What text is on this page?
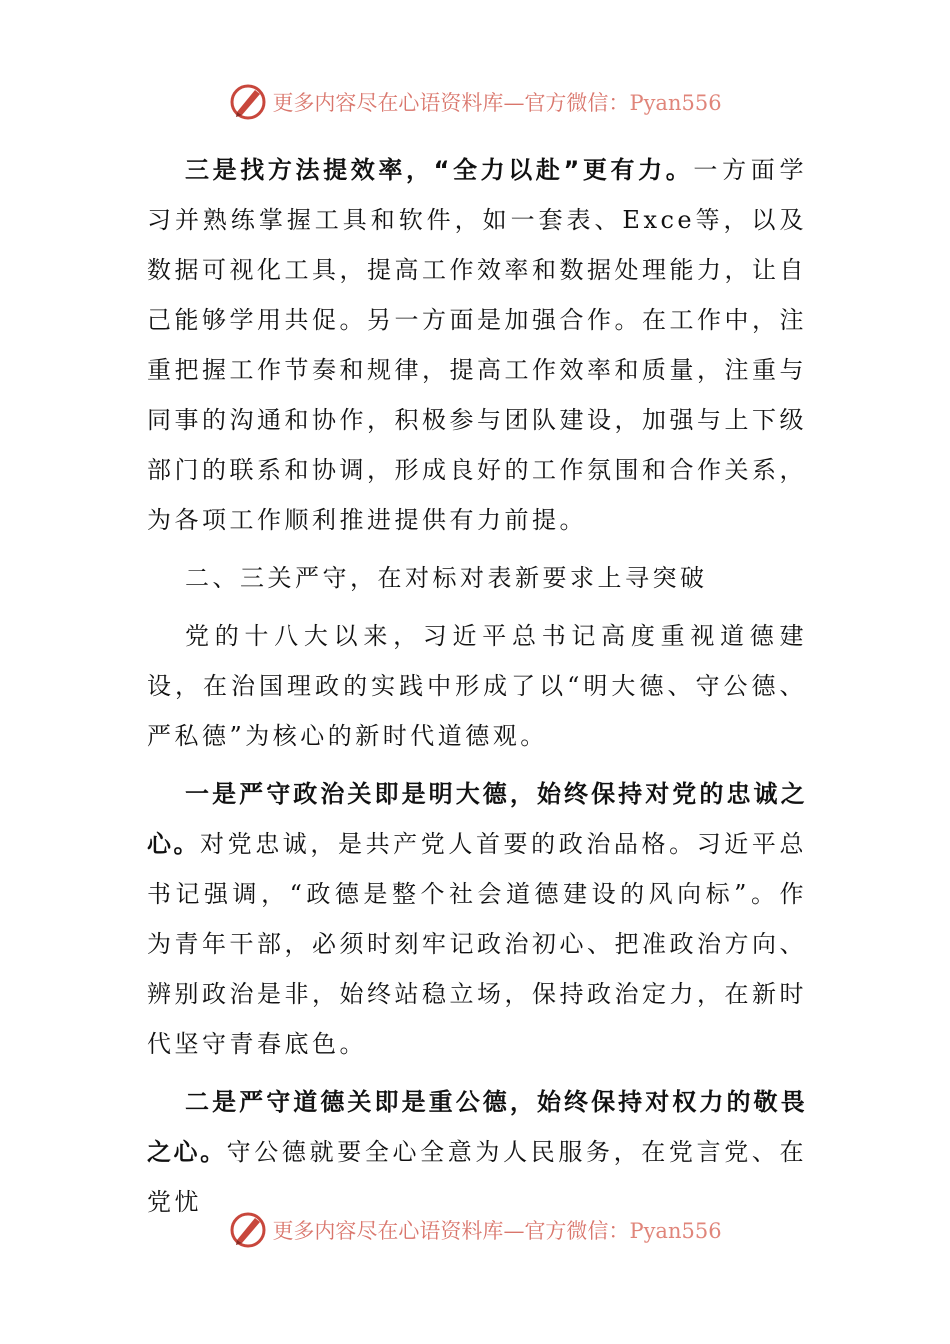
更多内容尽在心语资料库—官方微信：Pyan556

三是找方法提效率，“全力以赴”更有力。一方面学习并熟练掌握工具和软件，如一套表、Exce等，以及数据可视化工具，提高工作效率和数据处理能力，让自己能够学用共促。另一方面是加强合作。在工作中，注重把握工作节奏和规律，提高工作效率和质量，注重与同事的沟通和协作，积极参与团队建设，加强与上下级部门的联系和协调，形成良好的工作氛围和合作关系，为各项工作顺利推进提供有力前提。

二、三关严守，在对标对表新要求上寻突破

党的十八大以来，习近平总书记高度重视道德建设，在治国理政的实践中形成了以“明大德、守公德、严私德”为核心的新时代道德观。

一是严守政治关即是明大德，始终保持对党的忠诚之心。对党忠诚，是共产党人首要的政治品格。习近平总书记强调，“政德是整个社会道德建设的风向标”。作为青年干部，必须时刻牢记政治初心、把准政治方向、辨别政治是非，始终站稳立场，保持政治定力，在新时代坚守青春底色。

二是严守道德关即是重公德，始终保持对权力的敬畏之心。守公德就要全心全意为人民服务，在党言党、在党忧

更多内容尽在心语资料库—官方微信：Pyan556
